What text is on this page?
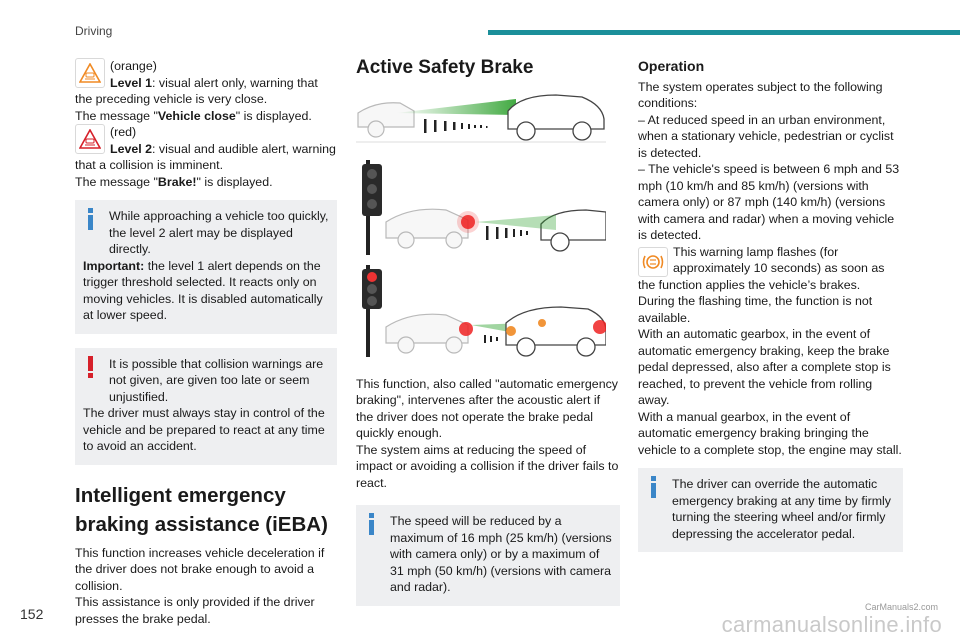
Driving

(orange)

Level 1: visual alert only, warning that the preceding vehicle is very close.

The message "Vehicle close" is displayed.

(red)

Level 2: visual and audible alert, warning that a collision is imminent.

The message "Brake!" is displayed.

While approaching a vehicle too quickly, the level 2 alert may be displayed directly.

Important: the level 1 alert depends on the trigger threshold selected. It reacts only on moving vehicles. It is disabled automatically at lower speed.

It is possible that collision warnings are not given, are given too late or seem unjustified.

The driver must always stay in control of the vehicle and be prepared to react at any time to avoid an accident.

Intelligent emergency braking assistance (iEBA)

This function increases vehicle deceleration if the driver does not brake enough to avoid a collision.

This assistance is only provided if the driver presses the brake pedal.

Active Safety Brake

This function, also called "automatic emergency braking", intervenes after the acoustic alert if the driver does not operate the brake pedal quickly enough.

The system aims at reducing the speed of impact or avoiding a collision if the driver fails to react.

The speed will be reduced by a maximum of 16 mph (25 km/h) (versions with camera only) or by a maximum of 31 mph (50 km/h) (versions with camera and radar).

Operation

The system operates subject to the following conditions:

– At reduced speed in an urban environment, when a stationary vehicle, pedestrian or cyclist is detected.

– The vehicle's speed is between 6 mph and 53 mph (10 km/h and 85 km/h) (versions with camera only) or 87 mph (140 km/h) (versions with camera and radar) when a moving vehicle is detected.

This warning lamp flashes (for approximately 10 seconds) as soon as the function applies the vehicle’s brakes.

During the flashing time, the function is not available.

With an automatic gearbox, in the event of automatic emergency braking, keep the brake pedal depressed, also after a complete stop is reached, to prevent the vehicle from rolling away.

With a manual gearbox, in the event of automatic emergency braking bringing the vehicle to a complete stop, the engine may stall.

The driver can override the automatic emergency braking at any time by firmly turning the steering wheel and/or firmly depressing the accelerator pedal.

152	CarManuals2.com
carmanualsonline.info
